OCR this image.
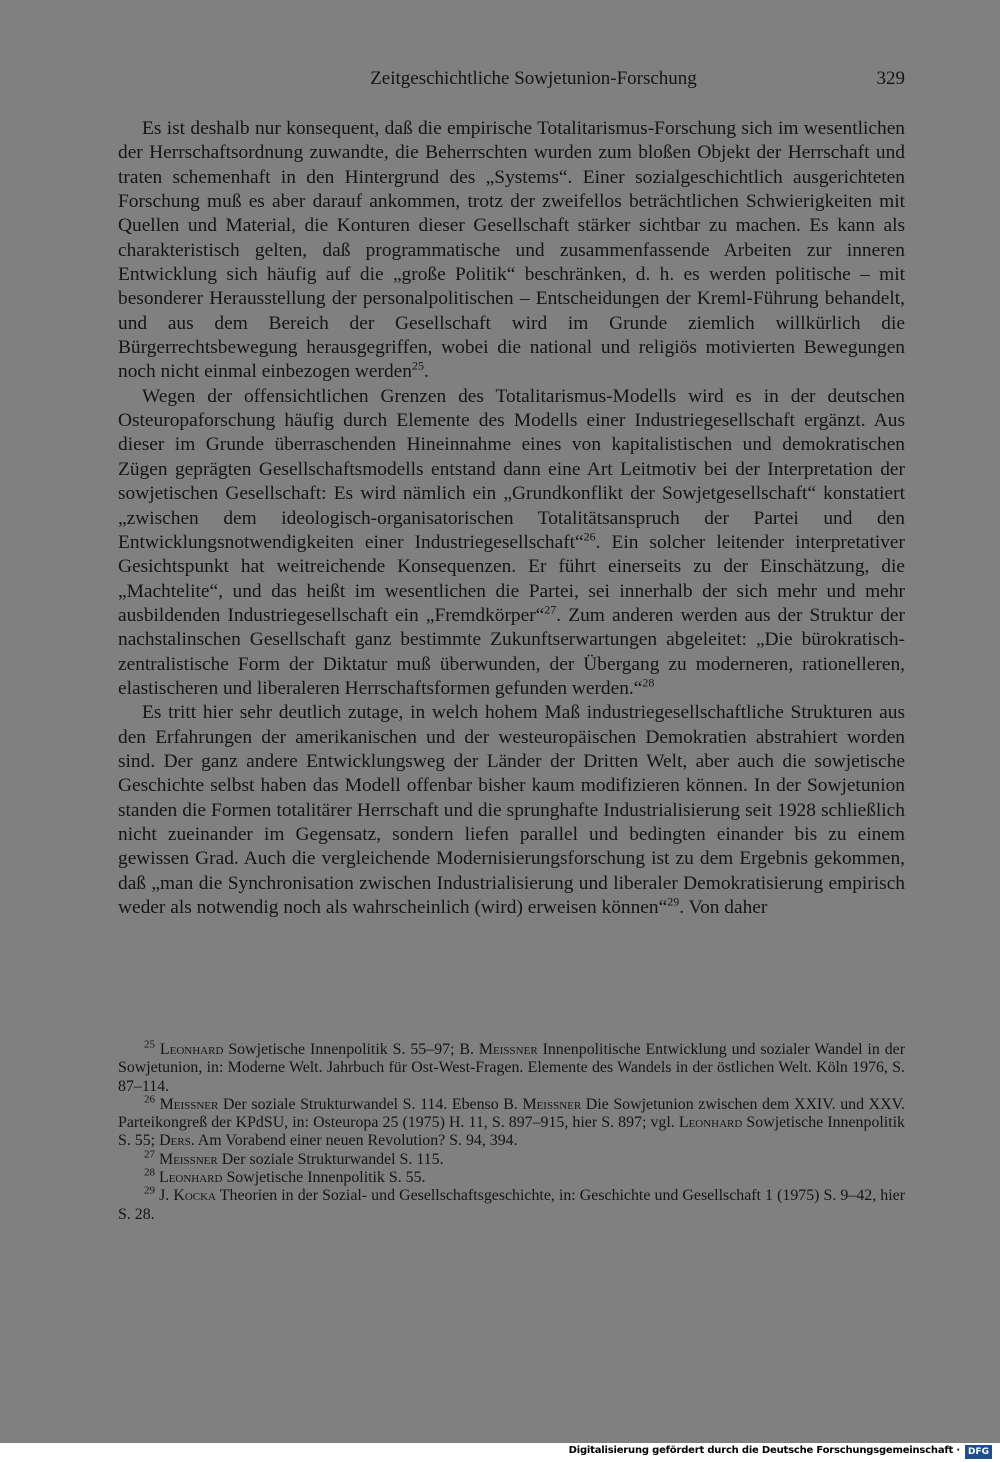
Zeitgeschichtliche Sowjetunion-Forschung	329

Es ist deshalb nur konsequent, daß die empirische Totalitarismus-Forschung sich im wesentlichen der Herrschaftsordnung zuwandte, die Beherrschten wurden zum bloßen Objekt der Herrschaft und traten schemenhaft in den Hintergrund des „Systems“. Einer sozialgeschichtlich ausgerichteten Forschung muß es aber darauf ankommen, trotz der zweifellos beträchtlichen Schwierigkeiten mit Quellen und Material, die Konturen dieser Gesellschaft stärker sichtbar zu machen. Es kann als charakteristisch gelten, daß programmatische und zusammenfassende Arbeiten zur inneren Entwicklung sich häufig auf die „große Politik“ beschränken, d. h. es werden politische – mit besonderer Herausstellung der personalpolitischen – Entscheidungen der Kreml-Führung behandelt, und aus dem Bereich der Gesellschaft wird im Grunde ziemlich willkürlich die Bürgerrechtsbewegung herausgegriffen, wobei die national und religiös motivierten Bewegungen noch nicht einmal einbezogen werden$^{25}$.

Wegen der offensichtlichen Grenzen des Totalitarismus-Modells wird es in der deutschen Osteuropaforschung häufig durch Elemente des Modells einer Industriegesellschaft ergänzt. Aus dieser im Grunde überraschenden Hineinnahme eines von kapitalistischen und demokratischen Zügen geprägten Gesellschaftsmodells entstand dann eine Art Leitmotiv bei der Interpretation der sowjetischen Gesellschaft: Es wird nämlich ein „Grundkonflikt der Sowjetgesellschaft“ konstatiert „zwischen dem ideologisch-organisatorischen Totalitätsanspruch der Partei und den Entwicklungsnotwendigkeiten einer Industriegesellschaft“$^{26}$. Ein solcher leitender interpretativer Gesichtspunkt hat weitreichende Konsequenzen. Er führt einerseits zu der Einschätzung, die „Machtelite“, und das heißt im wesentlichen die Partei, sei innerhalb der sich mehr und mehr ausbildenden Industriegesellschaft ein „Fremdkörper“$^{27}$. Zum anderen werden aus der Struktur der nachstalinschen Gesellschaft ganz bestimmte Zukunftserwartungen abgeleitet: „Die bürokratisch-zentralistische Form der Diktatur muß überwunden, der Übergang zu moderneren, rationelleren, elastischeren und liberaleren Herrschaftsformen gefunden werden.“$^{28}$

Es tritt hier sehr deutlich zutage, in welch hohem Maß industriegesellschaftliche Strukturen aus den Erfahrungen der amerikanischen und der westeuropäischen Demokratien abstrahiert worden sind. Der ganz andere Entwicklungsweg der Länder der Dritten Welt, aber auch die sowjetische Geschichte selbst haben das Modell offenbar bisher kaum modifizieren können. In der Sowjetunion standen die Formen totalitärer Herrschaft und die sprunghafte Industrialisierung seit 1928 schließlich nicht zueinander im Gegensatz, sondern liefen parallel und bedingten einander bis zu einem gewissen Grad. Auch die vergleichende Modernisierungsforschung ist zu dem Ergebnis gekommen, daß „man die Synchronisation zwischen Industrialisierung und liberaler Demokratisierung empirisch weder als notwendig noch als wahrscheinlich (wird) erweisen können“$^{29}$. Von daher

$^{25}$ Leonhard Sowjetische Innenpolitik S. 55–97; B. Meissner Innenpolitische Entwicklung und sozialer Wandel in der Sowjetunion, in: Moderne Welt. Jahrbuch für Ost-West-Fragen. Elemente des Wandels in der östlichen Welt. Köln 1976, S. 87–114.

$^{26}$ Meissner Der soziale Strukturwandel S. 114. Ebenso B. Meissner Die Sowjetunion zwischen dem XXIV. und XXV. Parteikongreß der KPdSU, in: Osteuropa 25 (1975) H. 11, S. 897–915, hier S. 897; vgl. Leonhard Sowjetische Innenpolitik S. 55; Ders. Am Vorabend einer neuen Revolution? S. 94, 394.

$^{27}$ Meissner Der soziale Strukturwandel S. 115.

$^{28}$ Leonhard Sowjetische Innenpolitik S. 55.

$^{29}$ J. Kocka Theorien in der Sozial- und Gesellschaftsgeschichte, in: Geschichte und Gesellschaft 1 (1975) S. 9–42, hier S. 28.

Digitalisierung gefördert durch die Deutsche Forschungsgemeinschaft · DFG
